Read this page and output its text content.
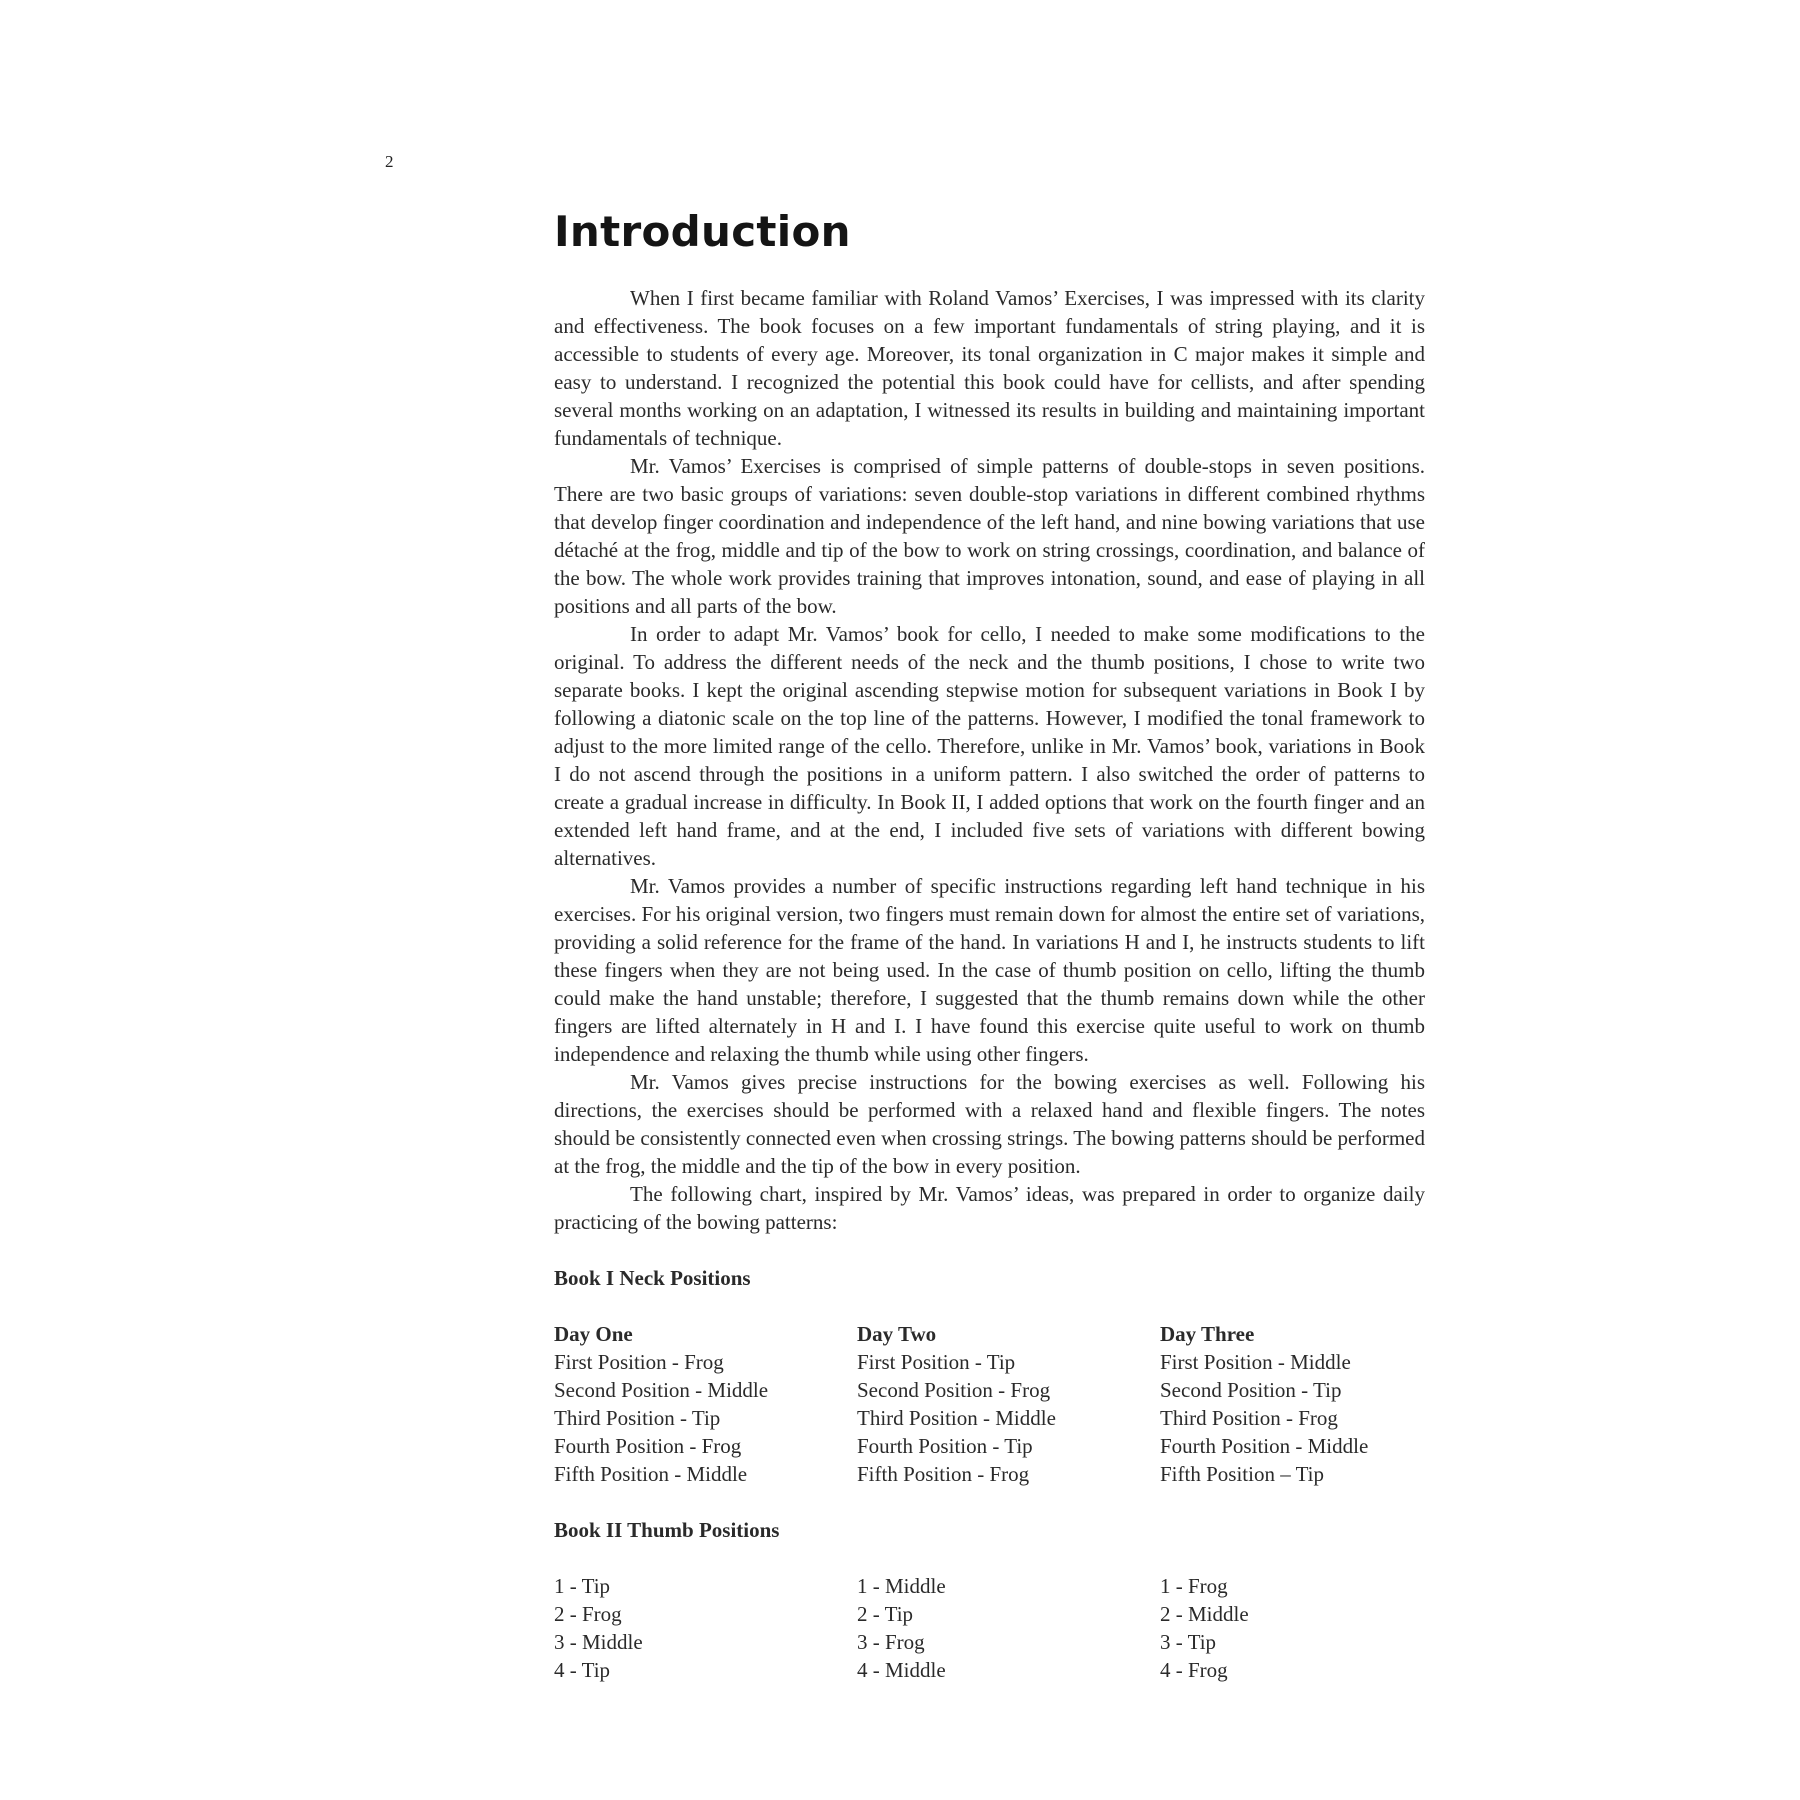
2
Introduction

When I first became familiar with Roland Vamos’ Exercises, I was impressed with its clarity and effectiveness. The book focuses on a few important fundamentals of string playing, and it is accessible to students of every age. Moreover, its tonal organization in C major makes it simple and easy to understand. I recognized the potential this book could have for cellists, and after spending several months working on an adaptation, I witnessed its results in building and maintaining important fundamentals of technique.

Mr. Vamos’ Exercises is comprised of simple patterns of double-stops in seven positions. There are two basic groups of variations: seven double-stop variations in different combined rhythms that develop finger coordination and independence of the left hand, and nine bowing variations that use détaché at the frog, middle and tip of the bow to work on string crossings, coordination, and balance of the bow. The whole work provides training that improves intonation, sound, and ease of playing in all positions and all parts of the bow.

In order to adapt Mr. Vamos’ book for cello, I needed to make some modifications to the original. To address the different needs of the neck and the thumb positions, I chose to write two separate books. I kept the original ascending stepwise motion for subsequent variations in Book I by following a diatonic scale on the top line of the patterns. However, I modified the tonal framework to adjust to the more limited range of the cello. Therefore, unlike in Mr. Vamos’ book, variations in Book I do not ascend through the positions in a uniform pattern. I also switched the order of patterns to create a gradual increase in difficulty. In Book II, I added options that work on the fourth finger and an extended left hand frame, and at the end, I included five sets of variations with different bowing alternatives.

Mr. Vamos provides a number of specific instructions regarding left hand technique in his exercises. For his original version, two fingers must remain down for almost the entire set of variations, providing a solid reference for the frame of the hand. In variations H and I, he instructs students to lift these fingers when they are not being used. In the case of thumb position on cello, lifting the thumb could make the hand unstable; therefore, I suggested that the thumb remains down while the other fingers are lifted alternately in H and I. I have found this exercise quite useful to work on thumb independence and relaxing the thumb while using other fingers.

Mr. Vamos gives precise instructions for the bowing exercises as well. Following his directions, the exercises should be performed with a relaxed hand and flexible fingers. The notes should be consistently connected even when crossing strings. The bowing patterns should be performed at the frog, the middle and the tip of the bow in every position.

The following chart, inspired by Mr. Vamos’ ideas, was prepared in order to organize daily practicing of the bowing patterns:

Book I Neck Positions
Day One
First Position - Frog
Second Position - Middle
Third Position - Tip
Fourth Position - Frog
Fifth Position - Middle
Day Two
First Position - Tip
Second Position - Frog
Third Position - Middle
Fourth Position - Tip
Fifth Position - Frog
Day Three
First Position - Middle
Second Position - Tip
Third Position - Frog
Fourth Position - Middle
Fifth Position – Tip
Book II Thumb Positions
1 - Tip
2 - Frog
3 - Middle
4 - Tip
1 - Middle
2 - Tip
3 - Frog
4 - Middle
1 - Frog
2 - Middle
3 - Tip
4 - Frog
